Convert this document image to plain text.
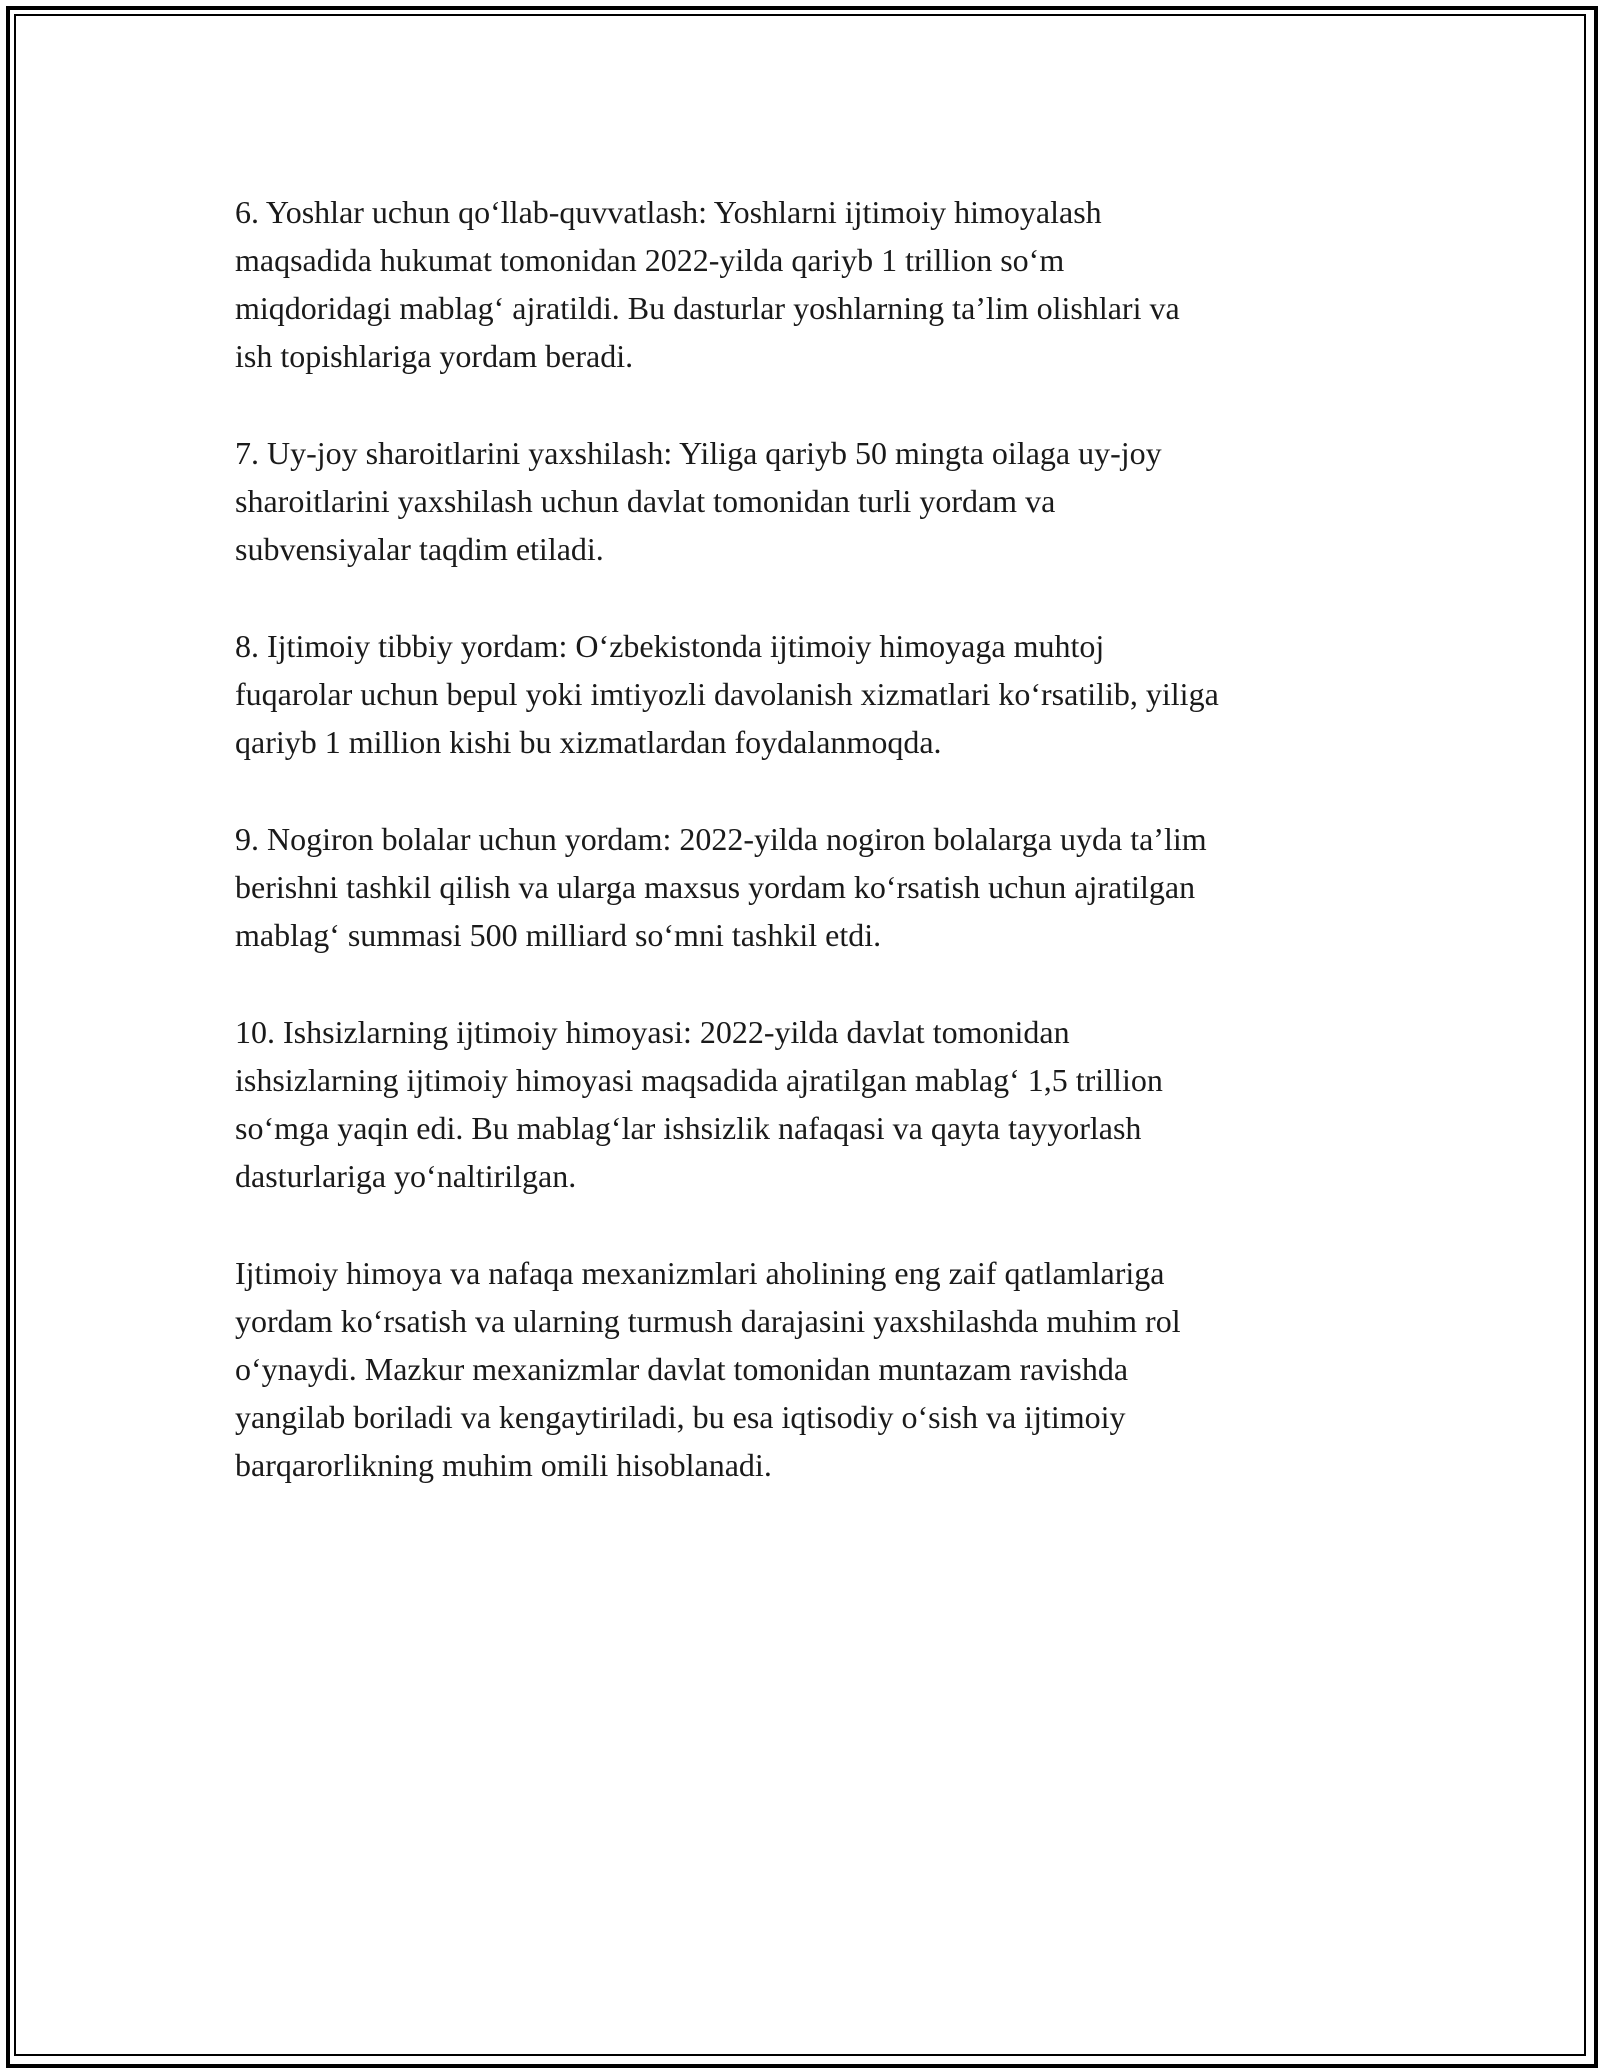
6. Yoshlar uchun qo‘llab-quvvatlash: Yoshlarni ijtimoiy himoyalash
maqsadida hukumat tomonidan 2022-yilda qariyb 1 trillion so‘m
miqdoridagi mablag‘ ajratildi. Bu dasturlar yoshlarning ta’lim olishlari va
ish topishlariga yordam beradi.

7. Uy-joy sharoitlarini yaxshilash: Yiliga qariyb 50 mingta oilaga uy-joy
sharoitlarini yaxshilash uchun davlat tomonidan turli yordam va
subvensiyalar taqdim etiladi.

8. Ijtimoiy tibbiy yordam: O‘zbekistonda ijtimoiy himoyaga muhtoj
fuqarolar uchun bepul yoki imtiyozli davolanish xizmatlari ko‘rsatilib, yiliga
qariyb 1 million kishi bu xizmatlardan foydalanmoqda.

9. Nogiron bolalar uchun yordam: 2022-yilda nogiron bolalarga uyda ta’lim
berishni tashkil qilish va ularga maxsus yordam ko‘rsatish uchun ajratilgan
mablag‘ summasi 500 milliard so‘mni tashkil etdi.

10. Ishsizlarning ijtimoiy himoyasi: 2022-yilda davlat tomonidan
ishsizlarning ijtimoiy himoyasi maqsadida ajratilgan mablag‘ 1,5 trillion
so‘mga yaqin edi. Bu mablag‘lar ishsizlik nafaqasi va qayta tayyorlash
dasturlariga yo‘naltirilgan.

Ijtimoiy himoya va nafaqa mexanizmlari aholining eng zaif qatlamlariga
yordam ko‘rsatish va ularning turmush darajasini yaxshilashda muhim rol
o‘ynaydi. Mazkur mexanizmlar davlat tomonidan muntazam ravishda
yangilab boriladi va kengaytiriladi, bu esa iqtisodiy o‘sish va ijtimoiy
barqarorlikning muhim omili hisoblanadi.
